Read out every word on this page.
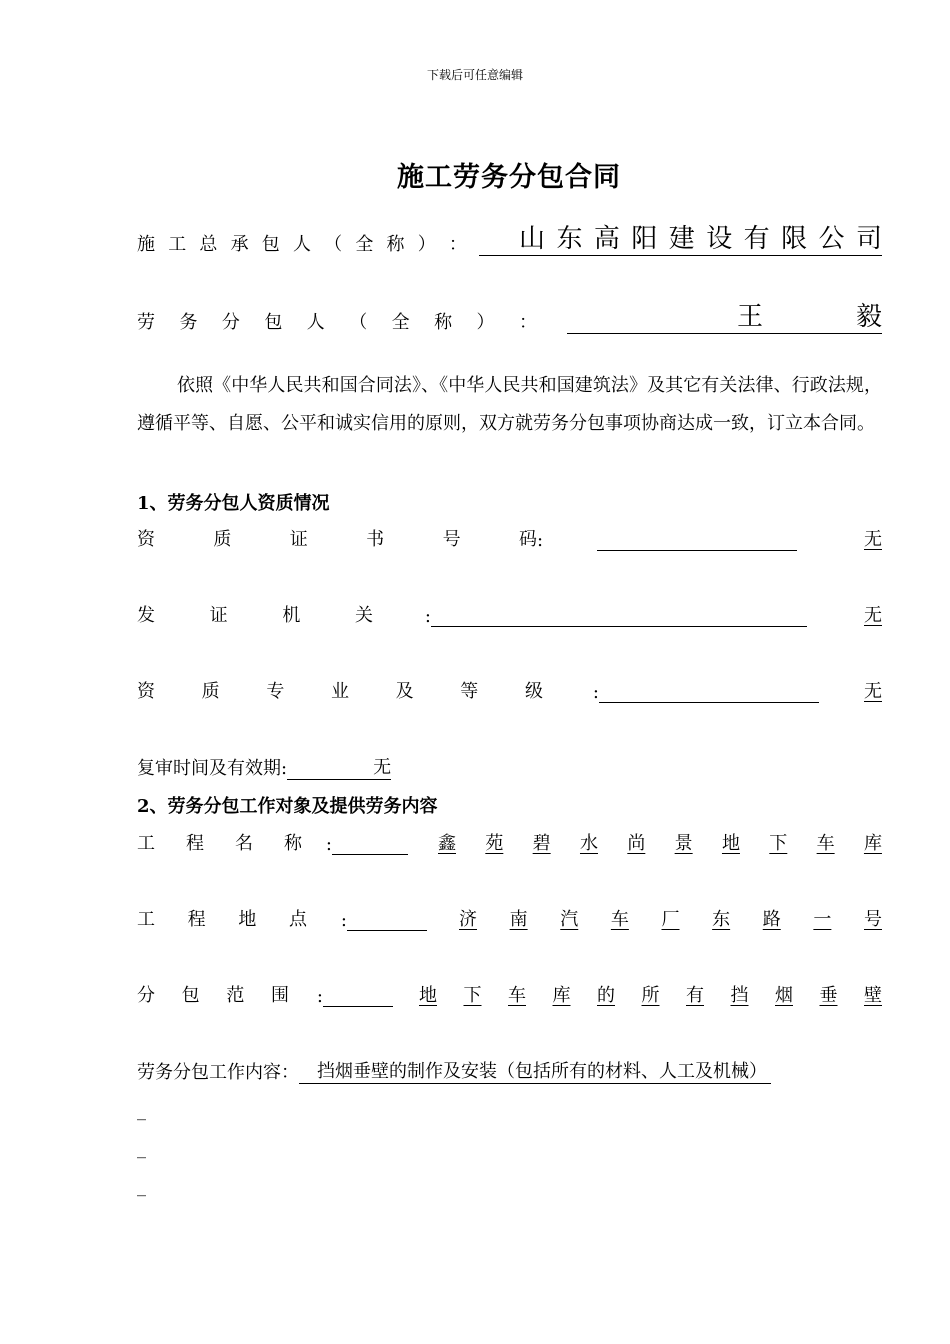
下载后可任意编辑
施工劳务分包合同
施 工 总 承 包 人 （ 全 称 ） ： 山 东 高 阳 建 设 有 限 公 司
劳 务 分 包 人 （ 全 称 ） ：	王	毅
依照《中华人民共和国合同法》、《中华人民共和国建筑法》及其它有关法律、行政法规，遵循平等、自愿、公平和诚实信用的原则，双方就劳务分包事项协商达成一致，订立本合同。
1、劳务分包人资质情况
资	质	证	书	号	码 :	无
发	证	机	关	:	无
资	质	专	业	及	等	级	:	无
复审时间及有效期:	无
2、劳务分包工作对象及提供劳务内容
工 程 名 称	:	鑫 苑 碧 水 尚 景 地 下 车 库
工 程 地 点	:	济 南 汽 车 厂 东 路 一 号
分 包 范 围	:	地 下 车 库 的 所 有 挡 烟 垂 壁
劳务分包工作内容：	挡烟垂壁的制作及安装（包括所有的材料、人工及机械）
_
_
_
